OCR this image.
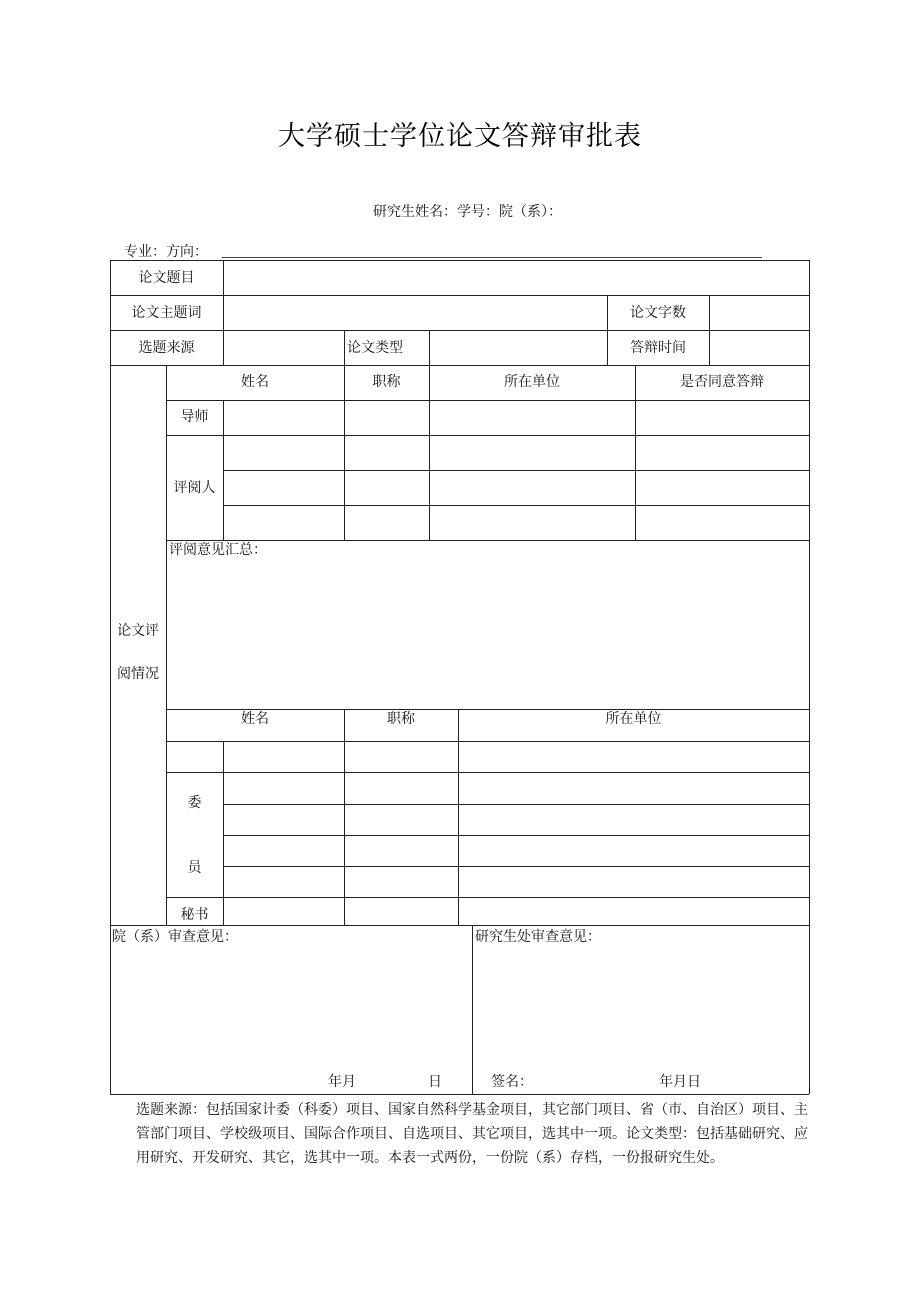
大学硕士学位论文答辩审批表
研究生姓名：学号：院（系）：
专业：方向：
论文题目
论文主题词	论文字数
选题来源	论文类型	答辩时间
论文评
阅情况
姓名	职称	所在单位	是否同意答辩
导师
评阅人
评阅意见汇总：
姓名	职称	所在单位
委
员
秘书
院（系）审查意见：	研究生处审查意见：
年月	日	签名：	年月日
选题来源：包括国家计委（科委）项目、国家自然科学基金项目，其它部门项目、省（市、自治区）项目、主管部门项目、学校级项目、国际合作项目、自选项目、其它项目，选其中一项。论文类型：包括基础研究、应用研究、开发研究、其它，选其中一项。本表一式两份，一份院（系）存档，一份报研究生处。
